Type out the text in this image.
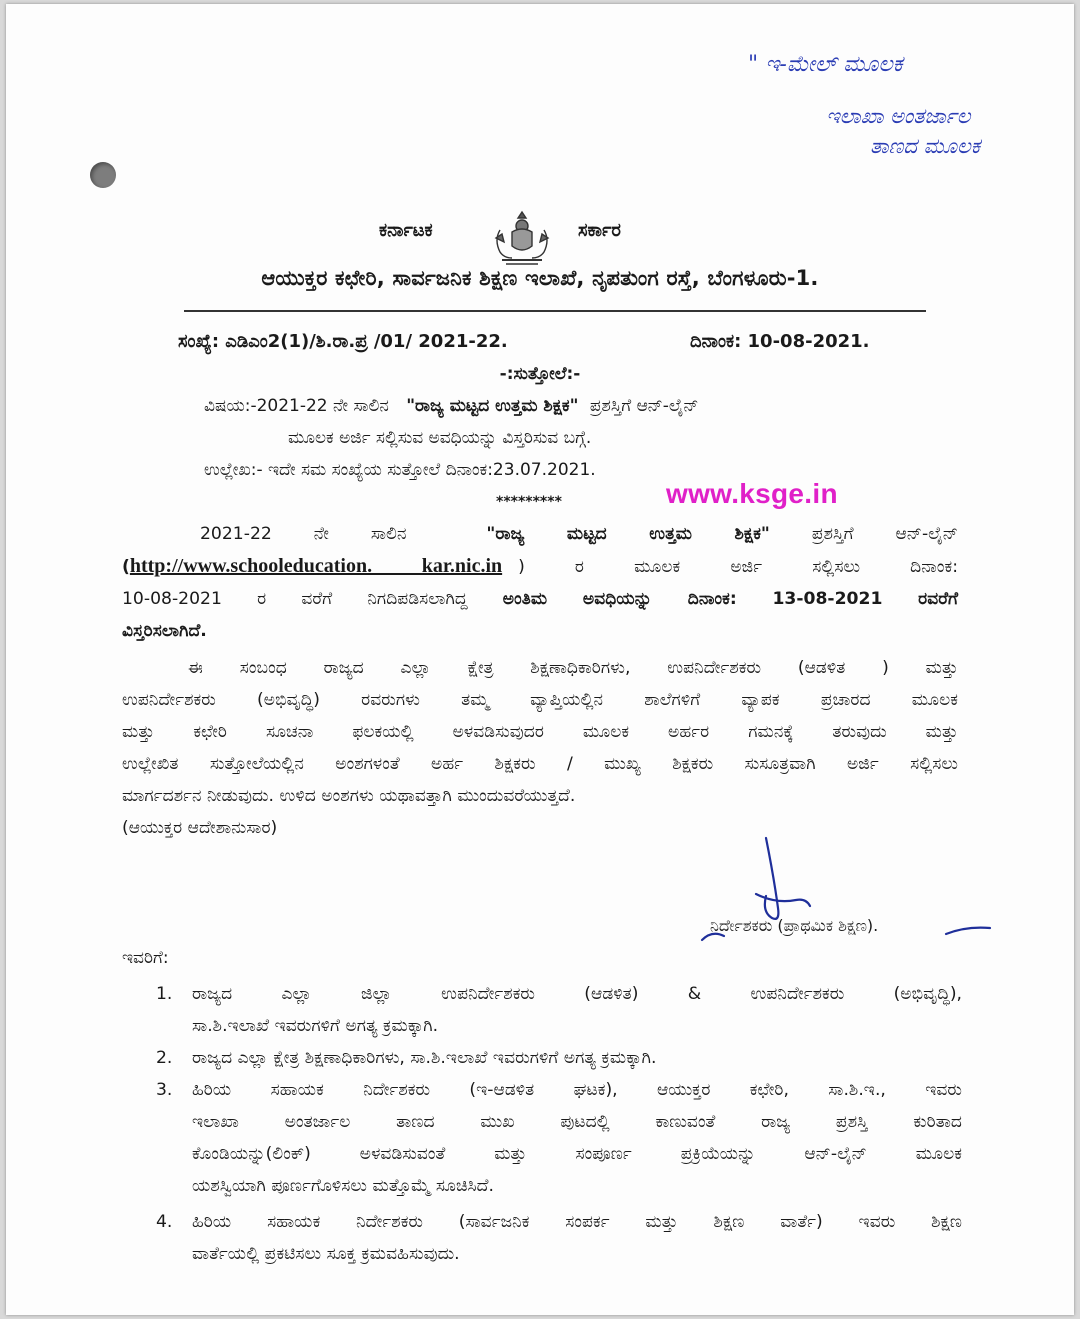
" ಇ-ಮೇಲ್ ಮೂಲಕ
ಇಲಾಖಾ ಅಂತರ್ಜಾಲ
ತಾಣದ ಮೂಲಕ
ಕರ್ನಾಟಕ	ಸರ್ಕಾರ
ಆಯುಕ್ತರ ಕಛೇರಿ, ಸಾರ್ವಜನಿಕ ಶಿಕ್ಷಣ ಇಲಾಖೆ, ನೃಪತುಂಗ ರಸ್ತೆ, ಬೆಂಗಳೂರು-1.
ಸಂಖ್ಯೆ: ಎಡಿಎಂ2(1)/ಶಿ.ರಾ.ಪ್ರ /01/ 2021-22.	ದಿನಾಂಕ: 10-08-2021.
-:ಸುತ್ತೋಲೆ:-
ವಿಷಯ:-2021-22 ನೇ ಸಾಲಿನ "ರಾಜ್ಯ ಮಟ್ಟದ ಉತ್ತಮ ಶಿಕ್ಷಕ" ಪ್ರಶಸ್ತಿಗೆ ಆನ್-ಲೈನ್
ಮೂಲಕ ಅರ್ಜಿ ಸಲ್ಲಿಸುವ ಅವಧಿಯನ್ನು ವಿಸ್ತರಿಸುವ ಬಗ್ಗೆ.
ಉಲ್ಲೇಖ:- ಇದೇ ಸಮ ಸಂಖ್ಯೆಯ ಸುತ್ತೋಲೆ ದಿನಾಂಕ:23.07.2021.
*********	www.ksge.in
2021-22 ನೇ ಸಾಲಿನ	"ರಾಜ್ಯ ಮಟ್ಟದ ಉತ್ತಮ ಶಿಕ್ಷಕ" ಪ್ರಶಸ್ತಿಗೆ ಆನ್-ಲೈನ್
(http://www.schooleducation. kar.nic.in ) ರ ಮೂಲಕ ಅರ್ಜಿ ಸಲ್ಲಿಸಲು ದಿನಾಂಕ:
10-08-2021 ರ ವರೆಗೆ ನಿಗದಿಪಡಿಸಲಾಗಿದ್ದ ಅಂತಿಮ ಅವಧಿಯನ್ನು ದಿನಾಂಕ: 13-08-2021 ರವರೆಗೆ
ವಿಸ್ತರಿಸಲಾಗಿದೆ.
ಈ ಸಂಬಂಧ ರಾಜ್ಯದ ಎಲ್ಲಾ ಕ್ಷೇತ್ರ ಶಿಕ್ಷಣಾಧಿಕಾರಿಗಳು, ಉಪನಿರ್ದೇಶಕರು (ಆಡಳಿತ ) ಮತ್ತು
ಉಪನಿರ್ದೇಶಕರು (ಅಭಿವೃದ್ಧಿ) ರವರುಗಳು ತಮ್ಮ ವ್ಯಾಪ್ತಿಯಲ್ಲಿನ ಶಾಲೆಗಳಿಗೆ ವ್ಯಾಪಕ ಪ್ರಚಾರದ ಮೂಲಕ
ಮತ್ತು ಕಛೇರಿ ಸೂಚನಾ ಫಲಕಯಲ್ಲಿ ಅಳವಡಿಸುವುದರ ಮೂಲಕ ಅರ್ಹರ ಗಮನಕ್ಕೆ ತರುವುದು ಮತ್ತು
ಉಲ್ಲೇಖಿತ ಸುತ್ತೋಲೆಯಲ್ಲಿನ ಅಂಶಗಳಂತೆ ಅರ್ಹ ಶಿಕ್ಷಕರು / ಮುಖ್ಯ ಶಿಕ್ಷಕರು ಸುಸೂತ್ರವಾಗಿ ಅರ್ಜಿ ಸಲ್ಲಿಸಲು
ಮಾರ್ಗದರ್ಶನ ನೀಡುವುದು. ಉಳಿದ ಅಂಶಗಳು ಯಥಾವತ್ತಾಗಿ ಮುಂದುವರೆಯುತ್ತದೆ.
(ಆಯುಕ್ತರ ಆದೇಶಾನುಸಾರ)
ನಿರ್ದೇಶಕರು (ಪ್ರಾಥಮಿಕ ಶಿಕ್ಷಣ).
ಇವರಿಗೆ:
1. ರಾಜ್ಯದ ಎಲ್ಲಾ ಜಿಲ್ಲಾ ಉಪನಿರ್ದೇಶಕರು (ಆಡಳಿತ) & ಉಪನಿರ್ದೇಶಕರು (ಅಭಿವೃದ್ಧಿ),
ಸಾ.ಶಿ.ಇಲಾಖೆ ಇವರುಗಳಿಗೆ ಅಗತ್ಯ ಕ್ರಮಕ್ಕಾಗಿ.
2. ರಾಜ್ಯದ ಎಲ್ಲಾ ಕ್ಷೇತ್ರ ಶಿಕ್ಷಣಾಧಿಕಾರಿಗಳು, ಸಾ.ಶಿ.ಇಲಾಖೆ ಇವರುಗಳಿಗೆ ಅಗತ್ಯ ಕ್ರಮಕ್ಕಾಗಿ.
3. ಹಿರಿಯ ಸಹಾಯಕ ನಿರ್ದೇಶಕರು (ಇ-ಆಡಳಿತ ಘಟಕ), ಆಯುಕ್ತರ ಕಛೇರಿ, ಸಾ.ಶಿ.ಇ., ಇವರು
ಇಲಾಖಾ ಅಂತರ್ಜಾಲ ತಾಣದ ಮುಖ ಪುಟದಲ್ಲಿ ಕಾಣುವಂತೆ ರಾಜ್ಯ ಪ್ರಶಸ್ತಿ ಕುರಿತಾದ
ಕೊಂಡಿಯನ್ನು(ಲಿಂಕ್) ಅಳವಡಿಸುವಂತೆ ಮತ್ತು ಸಂಪೂರ್ಣ ಪ್ರಕ್ರಿಯೆಯನ್ನು ಆನ್-ಲೈನ್ ಮೂಲಕ
ಯಶಸ್ವಿಯಾಗಿ ಪೂರ್ಣಗೊಳಿಸಲು ಮತ್ತೊಮ್ಮೆ ಸೂಚಿಸಿದೆ.
4. ಹಿರಿಯ ಸಹಾಯಕ ನಿರ್ದೇಶಕರು (ಸಾರ್ವಜನಿಕ ಸಂಪರ್ಕ ಮತ್ತು ಶಿಕ್ಷಣ ವಾರ್ತೆ) ಇವರು ಶಿಕ್ಷಣ
ವಾರ್ತೆಯಲ್ಲಿ ಪ್ರಕಟಿಸಲು ಸೂಕ್ತ ಕ್ರಮವಹಿಸುವುದು.
